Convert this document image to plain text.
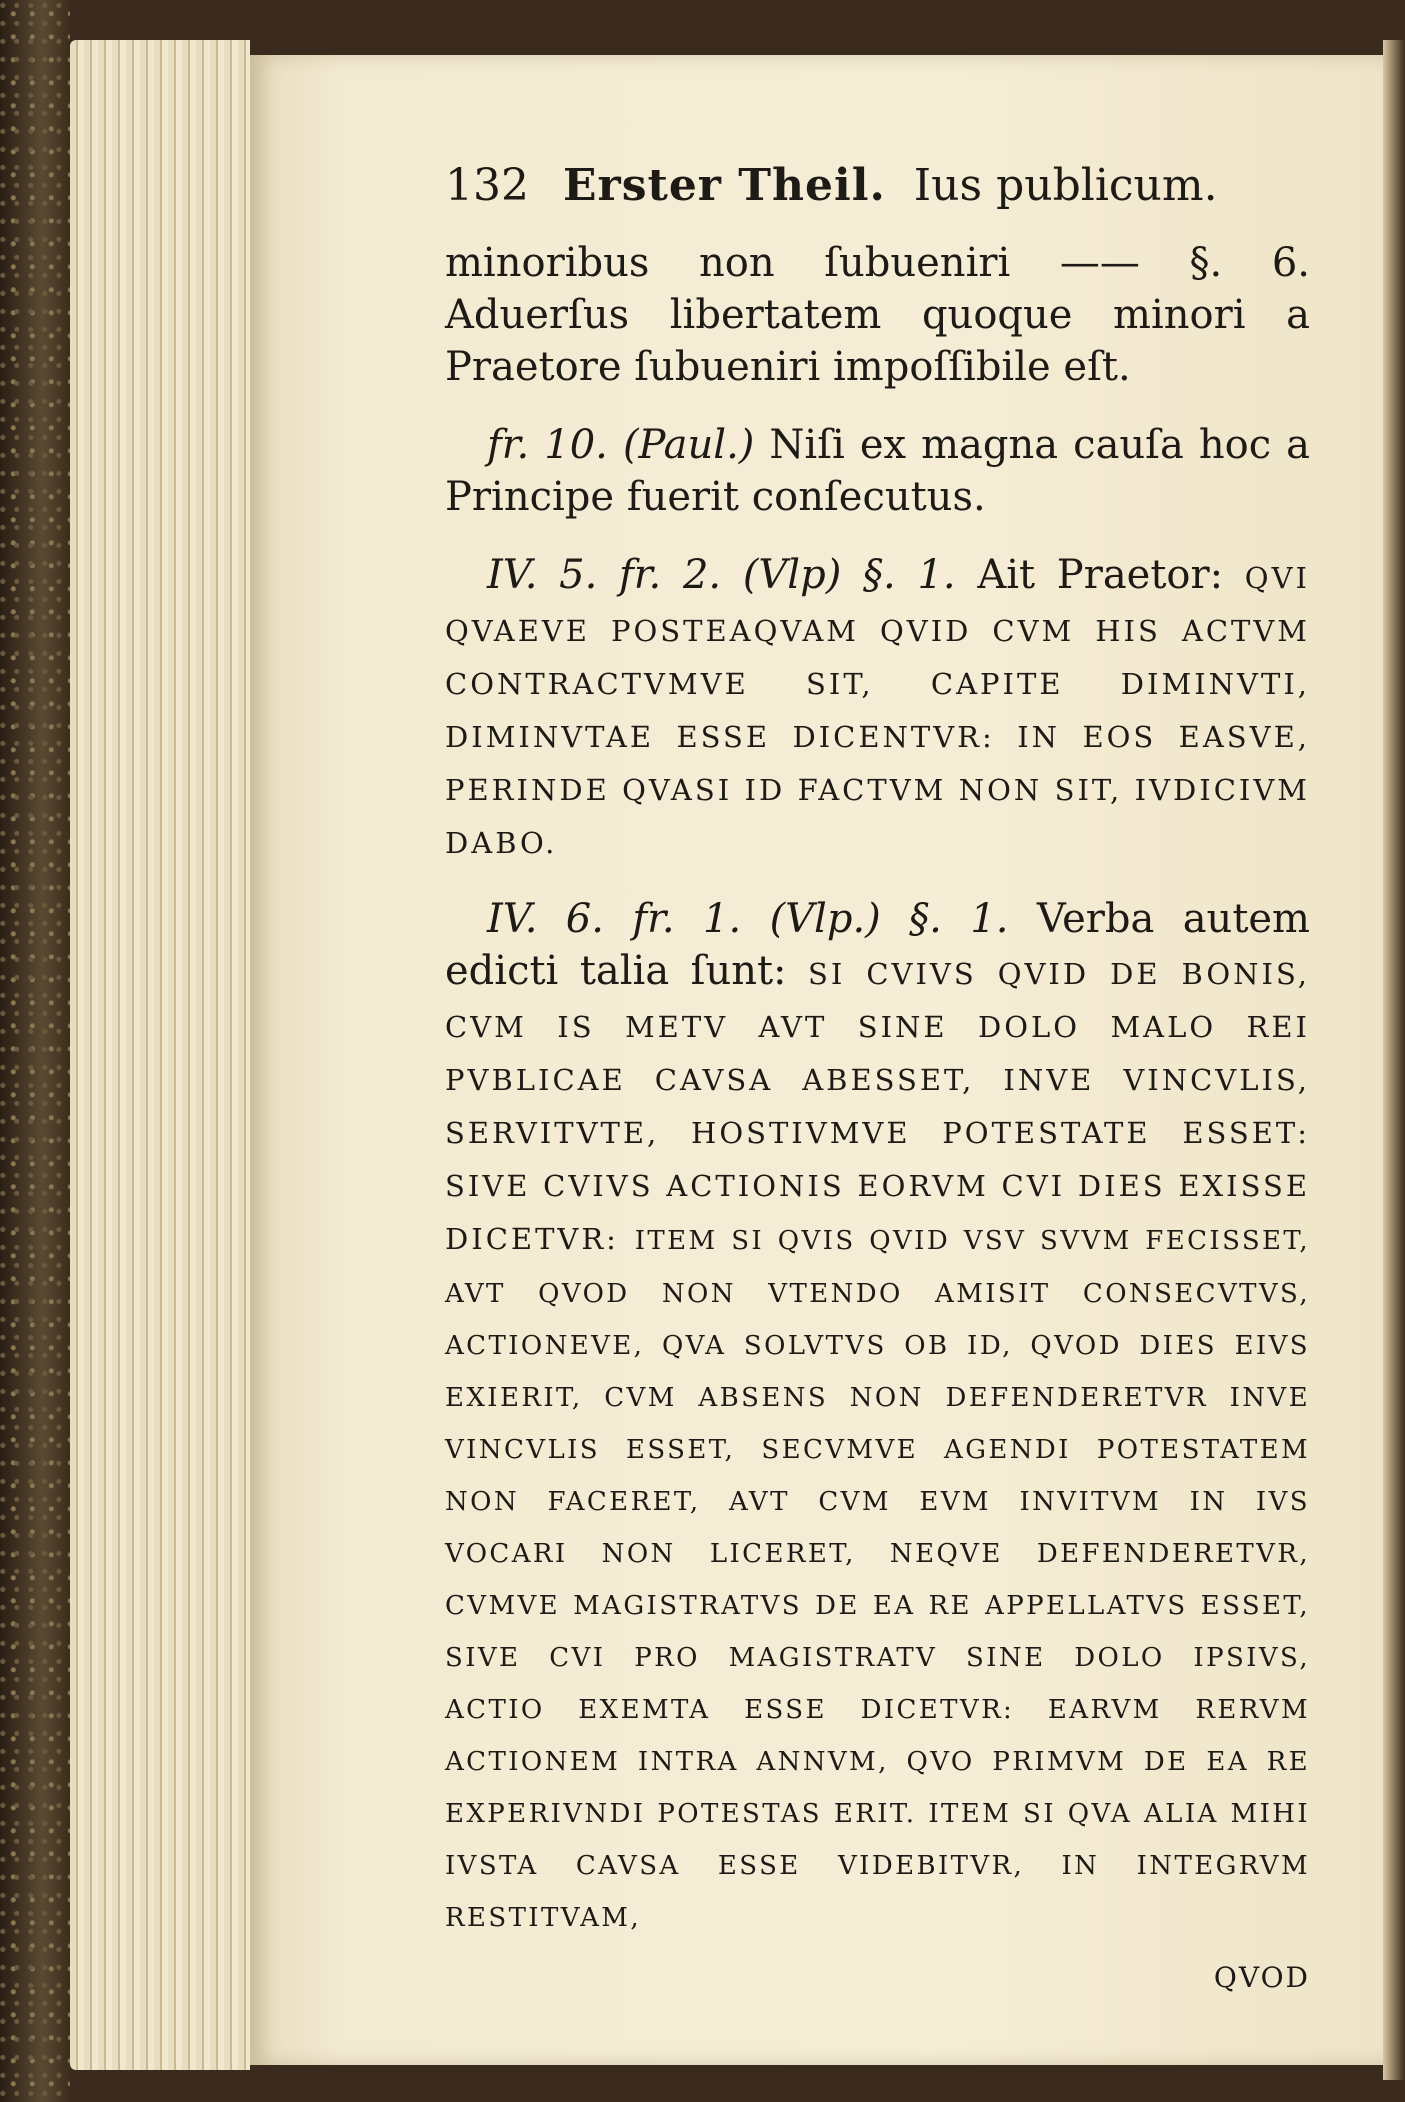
132 Erster Theil. Ius publicum.

minoribus non ſubueniri —— §. 6. Aduerſus libertatem quoque minori a Praetore ſubueniri impoſſibile eſt.

fr. 10. (Paul.) Niſi ex magna cauſa hoc a Principe fuerit conſecutus.

IV. 5. fr. 2. (Vlp) §. 1. Ait Praetor: QVI QVAEVE POSTEAQVAM QVID CVM HIS ACTVM CONTRACTVMVE SIT, CAPITE DIMINVTI, DIMINVTAE ESSE DICENTVR: IN EOS EASVE, PERINDE QVASI ID FACTVM NON SIT, IVDICIVM DABO.

IV. 6. fr. 1. (Vlp.) §. 1. Verba autem edicti talia ſunt: SI CVIVS QVID DE BONIS, CVM IS METV AVT SINE DOLO MALO REI PVBLICAE CAVSA ABESSET, INVE VINCVLIS, SERVITVTE, HOSTIVMVE POTESTATE ESSET: SIVE CVIVS ACTIONIS EORVM CVI DIES EXISSE DICETVR: ITEM SI QVIS QVID VSV SVVM FECISSET, AVT QVOD NON VTENDO AMISIT CONSECVTVS, ACTIONEVE, QVA SOLVTVS OB ID, QVOD DIES EIVS EXIERIT, CVM ABSENS NON DEFENDERETVR INVE VINCVLIS ESSET, SECVMVE AGENDI POTESTATEM NON FACERET, AVT CVM EVM INVITVM IN IVS VOCARI NON LICERET, NEQVE DEFENDERETVR, CVMVE MAGISTRATVS DE EA RE APPELLATVS ESSET, SIVE CVI PRO MAGISTRATV SINE DOLO IPSIVS, ACTIO EXEMTA ESSE DICETVR: EARVM RERVM ACTIONEM INTRA ANNVM, QVO PRIMVM DE EA RE EXPERIVNDI POTESTAS ERIT. ITEM SI QVA ALIA MIHI IVSTA CAVSA ESSE VIDEBITVR, IN INTEGRVM RESTITVAM,

QVOD
